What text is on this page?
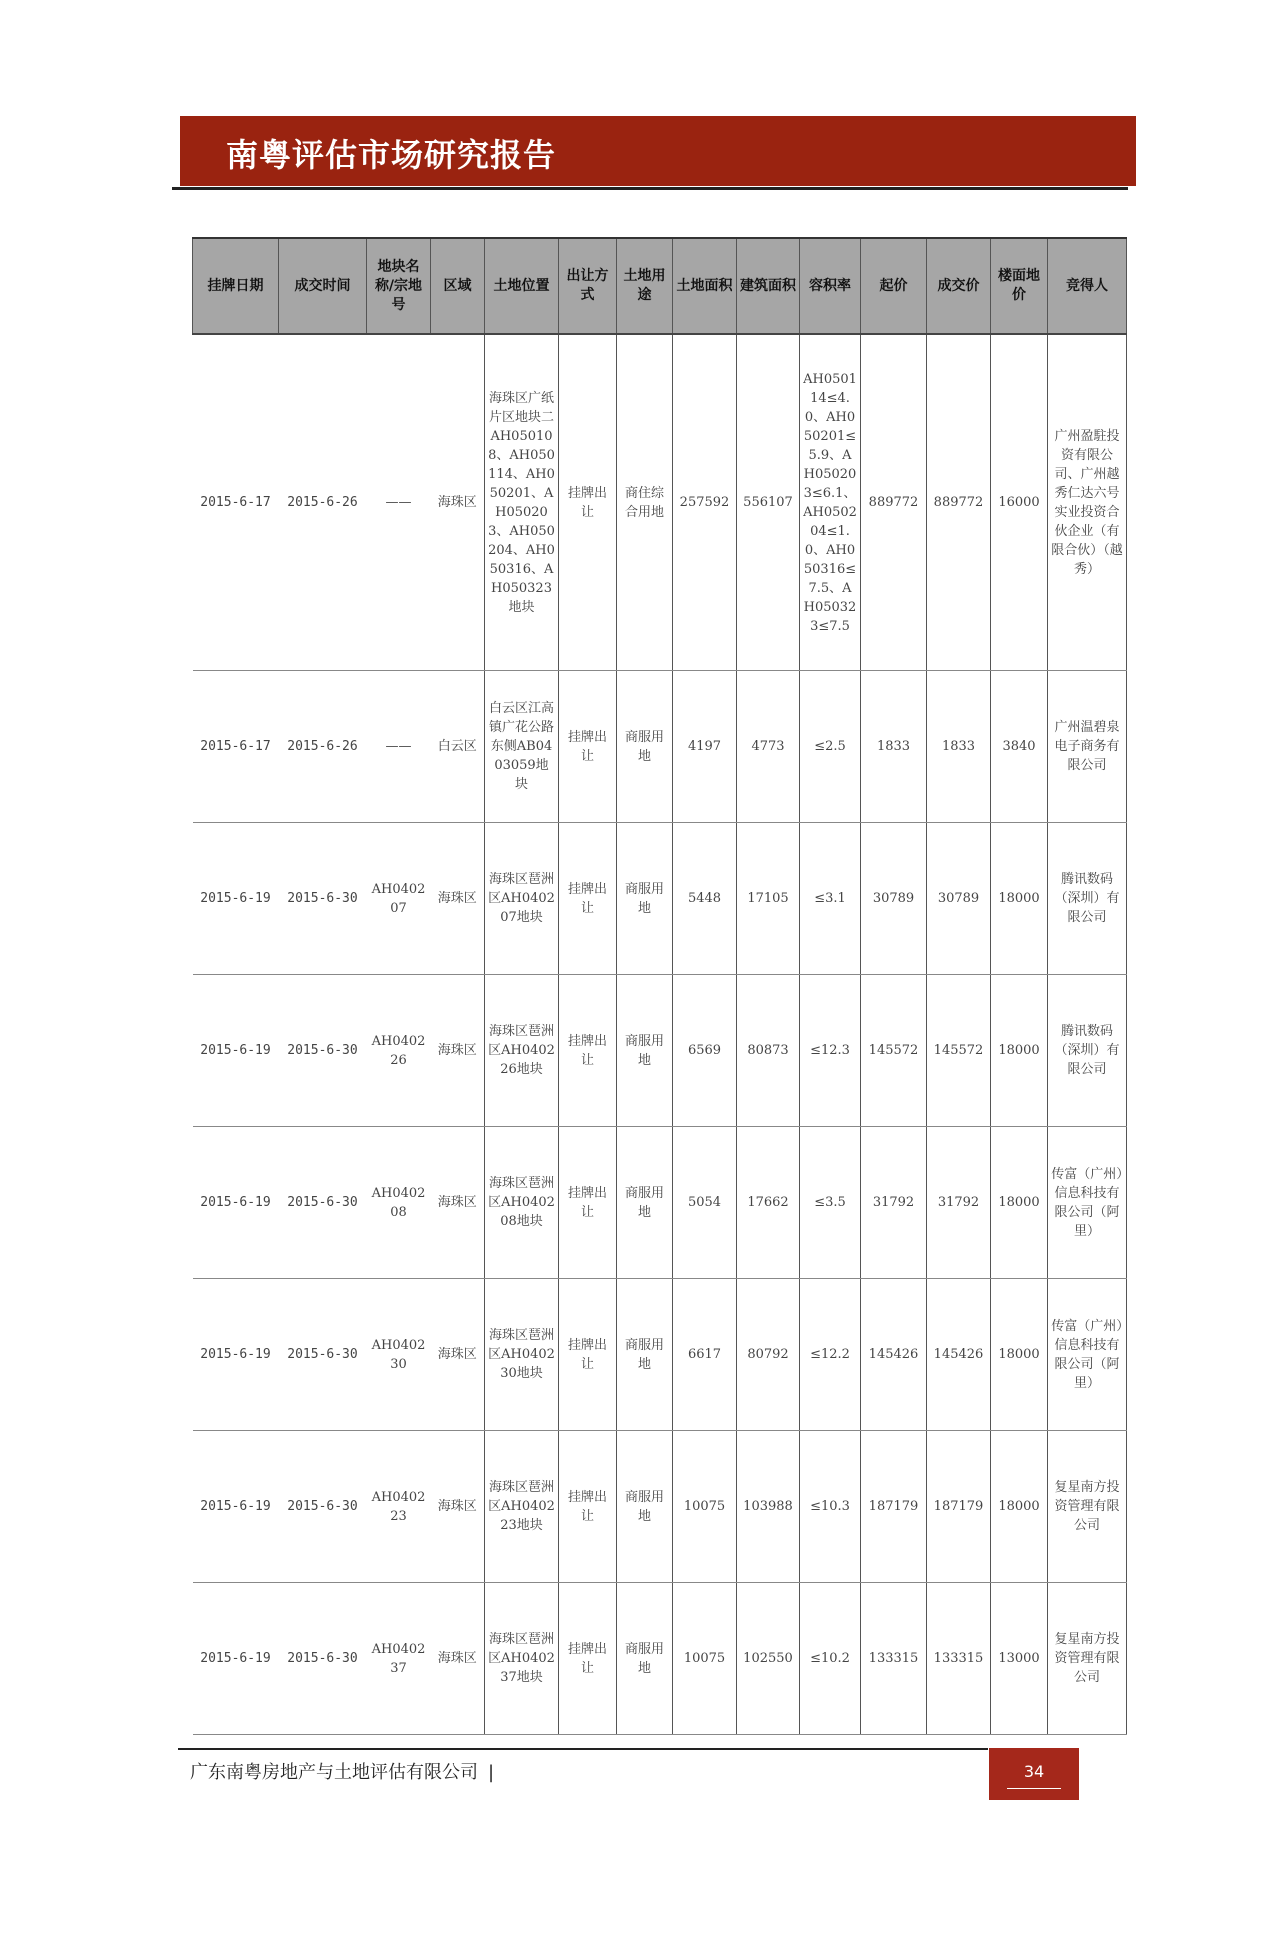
南粤评估市场研究报告
挂牌日期	成交时间	地块名称/宗地号	区域	土地位置	出让方式	土地用途	土地面积	建筑面积	容积率	起价	成交价	楼面地价	竞得人
2015-6-17	2015-6-26	——	海珠区	海珠区广纸片区地块二AH050108、AH050114、AH050201、AH050203、AH050204、AH050316、AH050323地块	挂牌出让	商住综合用地	257592	556107	AH050114≤4.0、AH050201≤5.9、AH050203≤6.1、AH050204≤1.0、AH050316≤7.5、AH050323≤7.5	889772	889772	16000	广州盈駐投资有限公司、广州越秀仁达六号实业投资合伙企业（有限合伙）（越秀）
2015-6-17	2015-6-26	——	白云区	白云区江高镇广花公路东侧AB0403059地块	挂牌出让	商服用地	4197	4773	≤2.5	1833	1833	3840	广州温碧泉电子商务有限公司
2015-6-19	2015-6-30	AH040207	海珠区	海珠区琶洲区AH040207地块	挂牌出让	商服用地	5448	17105	≤3.1	30789	30789	18000	腾讯数码（深圳）有限公司
2015-6-19	2015-6-30	AH040226	海珠区	海珠区琶洲区AH040226地块	挂牌出让	商服用地	6569	80873	≤12.3	145572	145572	18000	腾讯数码（深圳）有限公司
2015-6-19	2015-6-30	AH040208	海珠区	海珠区琶洲区AH040208地块	挂牌出让	商服用地	5054	17662	≤3.5	31792	31792	18000	传富（广州）信息科技有限公司（阿里）
2015-6-19	2015-6-30	AH040230	海珠区	海珠区琶洲区AH040230地块	挂牌出让	商服用地	6617	80792	≤12.2	145426	145426	18000	传富（广州）信息科技有限公司（阿里）
2015-6-19	2015-6-30	AH040223	海珠区	海珠区琶洲区AH040223地块	挂牌出让	商服用地	10075	103988	≤10.3	187179	187179	18000	复星南方投资管理有限公司
2015-6-19	2015-6-30	AH040237	海珠区	海珠区琶洲区AH040237地块	挂牌出让	商服用地	10075	102550	≤10.2	133315	133315	13000	复星南方投资管理有限公司
广东南粤房地产与土地评估有限公司 |	34
